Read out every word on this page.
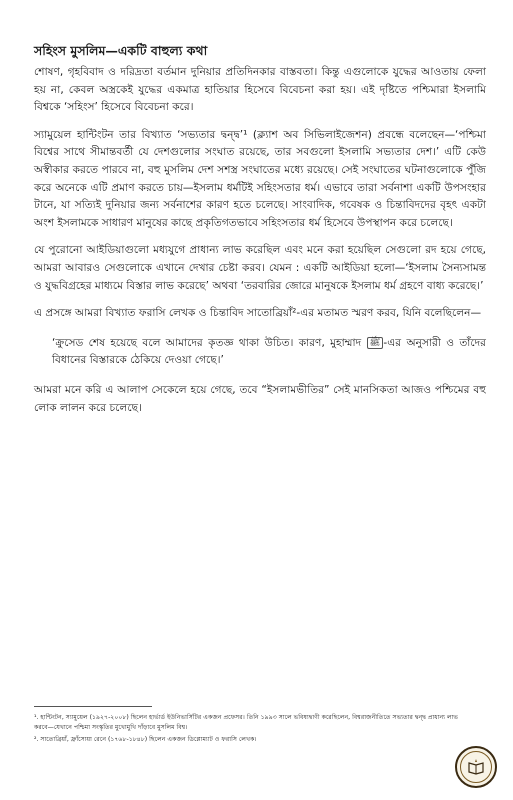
সহিংস মুসলিম—একটি বাহুল্য কথা

শোষণ, গৃহবিবাদ ও দরিদ্রতা বর্তমান দুনিয়ার প্রতিদিনকার বাস্তবতা। কিন্তু এগুলোকে যুদ্ধের আওতায় ফেলা হয় না, কেবল অস্ত্রকেই যুদ্ধের একমাত্র হাতিয়ার হিসেবে বিবেচনা করা হয়। এই দৃষ্টিতে পশ্চিমারা ইসলামি বিশ্বকে ‘সহিংস’ হিসেবে বিবেচনা করে।

স্যামুয়েল হান্টিংটন তার বিখ্যাত ‘সভ্যতার দ্বন্দ্ব’¹ (ক্ল্যাশ অব সিভিলাইজেশন) প্রবন্ধে বলেছেন—‘পশ্চিমা বিশ্বের সাথে সীমান্তবর্তী যে দেশগুলোর সংঘাত রয়েছে, তার সবগুলো ইসলামি সভ্যতার দেশ।’ এটি কেউ অস্বীকার করতে পারবে না, বহু মুসলিম দেশ সশস্ত্র সংঘাতের মধ্যে রয়েছে। সেই সংঘাতের ঘটনাগুলোকে পুঁজি করে অনেকে এটি প্রমাণ করতে চায়—ইসলাম ধর্মটিই সহিংসতার ধর্ম। এভাবে তারা সর্বনাশা একটি উপসংহার টানে, যা সত্যিই দুনিয়ার জন্য সর্বনাশের কারণ হতে চলেছে। সাংবাদিক, গবেষক ও চিন্তাবিদদের বৃহৎ একটা অংশ ইসলামকে সাধারণ মানুষের কাছে প্রকৃতিগতভাবে সহিংসতার ধর্ম হিসেবে উপস্থাপন করে চলেছে।

যে পুরোনো আইডিয়াগুলো মধ্যযুগে প্রাধান্য লাভ করেছিল এবং মনে করা হয়েছিল সেগুলো রদ হয়ে গেছে, আমরা আবারও সেগুলোকে এখানে দেখার চেষ্টা করব। যেমন : একটি আইডিয়া হলো—‘ইসলাম সৈন্যসামন্ত ও যুদ্ধবিগ্রহের মাধ্যমে বিস্তার লাভ করেছে’ অথবা ‘তরবারির জোরে মানুষকে ইসলাম ধর্ম গ্রহণে বাধ্য করেছে।’

এ প্রসঙ্গে আমরা বিখ্যাত ফরাসি লেখক ও চিন্তাবিদ সাতোব্রিয়াঁ²-এর মতামত স্মরণ করব, যিনি বলেছিলেন—

‘ক্রুসেড শেষ হয়েছে বলে আমাদের কৃতজ্ঞ থাকা উচিত। কারণ, মুহাম্মাদ ﷺ -এর অনুসারী ও তাঁদের বিধানের বিস্তারকে ঠেকিয়ে দেওয়া গেছে।’

আমরা মনে করি এ আলাপ সেকেলে হয়ে গেছে, তবে “ইসলামভীতির” সেই মানসিকতা আজও পশ্চিমের বহু লোক লালন করে চলেছে।

¹. হান্টিংটন, স্যামুয়েল (১৯২৭-২০০৮) ছিলেন হার্ভার্ড ইউনিভার্সিটির একজন প্রফেসর। তিনি ১৯৯৩ সালে ভবিষ্যদ্বাণী করেছিলেন, বিশ্বরাজনীতিতে সভ্যতার দ্বন্দ্ব প্রাধান্য লাভ করবে—যেখানে পশ্চিমা সংস্কৃতির মুখোমুখি দাঁড়াবে মুসলিম বিশ্ব।

². সাতোব্রিয়াঁ, ফ্রাঁসোয়া রেনে (১৭৬৮-১৮৪৮) ছিলেন একজন ডিপ্লোম্যাট ও ফরাসি লেখক।
